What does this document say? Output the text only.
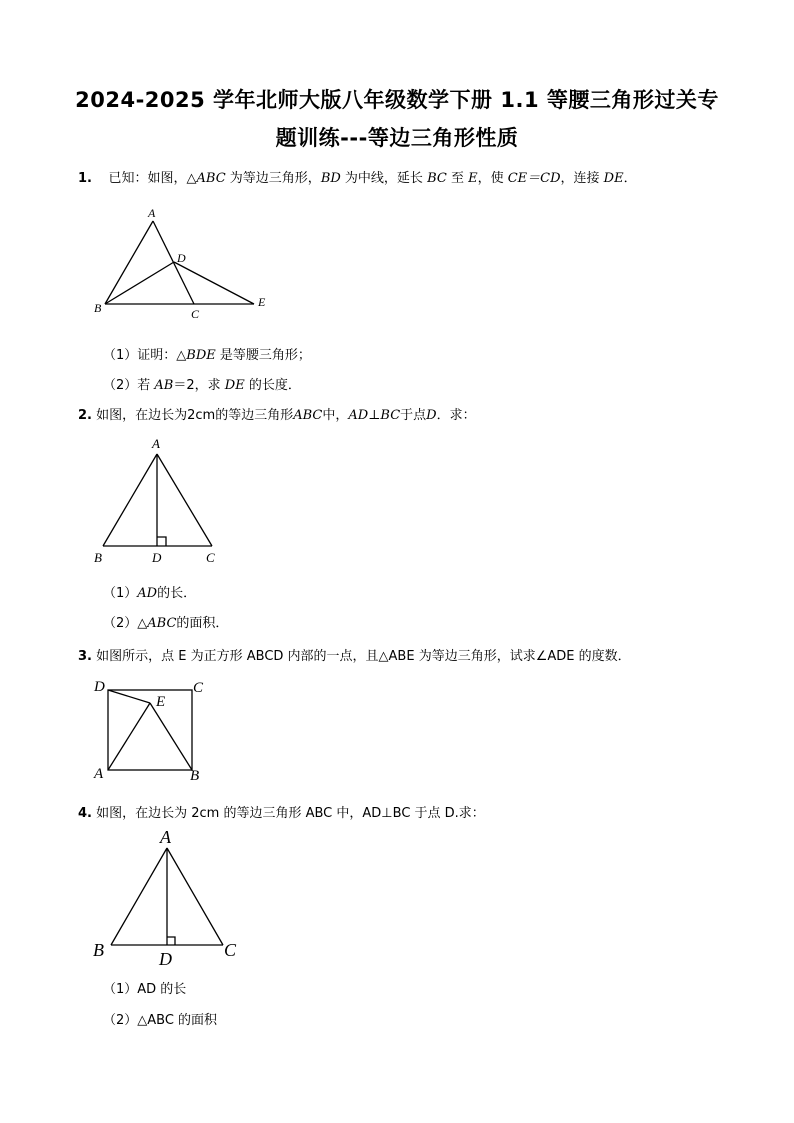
2024-2025 学年北师大版八年级数学下册 1.1 等腰三角形过关专
题训练---等边三角形性质
1. 已知：如图，△ABC 为等边三角形，BD 为中线，延长 BC 至 E，使 CE＝CD，连接 DE．
A
B	C
D
E
A
B	D	C
D	C
E
A	B
A
B	D	C
（1）证明：△BDE 是等腰三角形；
（2）若 AB＝2，求 DE 的长度．
2. 如图，在边长为2cm的等边三角形ABC中，AD⊥BC于点D．求：
（1）AD的长．
（2）△ABC的面积．
3. 如图所示，点 E 为正方形 ABCD 内部的一点，且△ABE 为等边三角形，试求∠ADE 的度数．
4. 如图，在边长为 2cm 的等边三角形 ABC 中，AD⊥BC 于点 D.求：
（1）AD 的长
（2）△ABC 的面积
